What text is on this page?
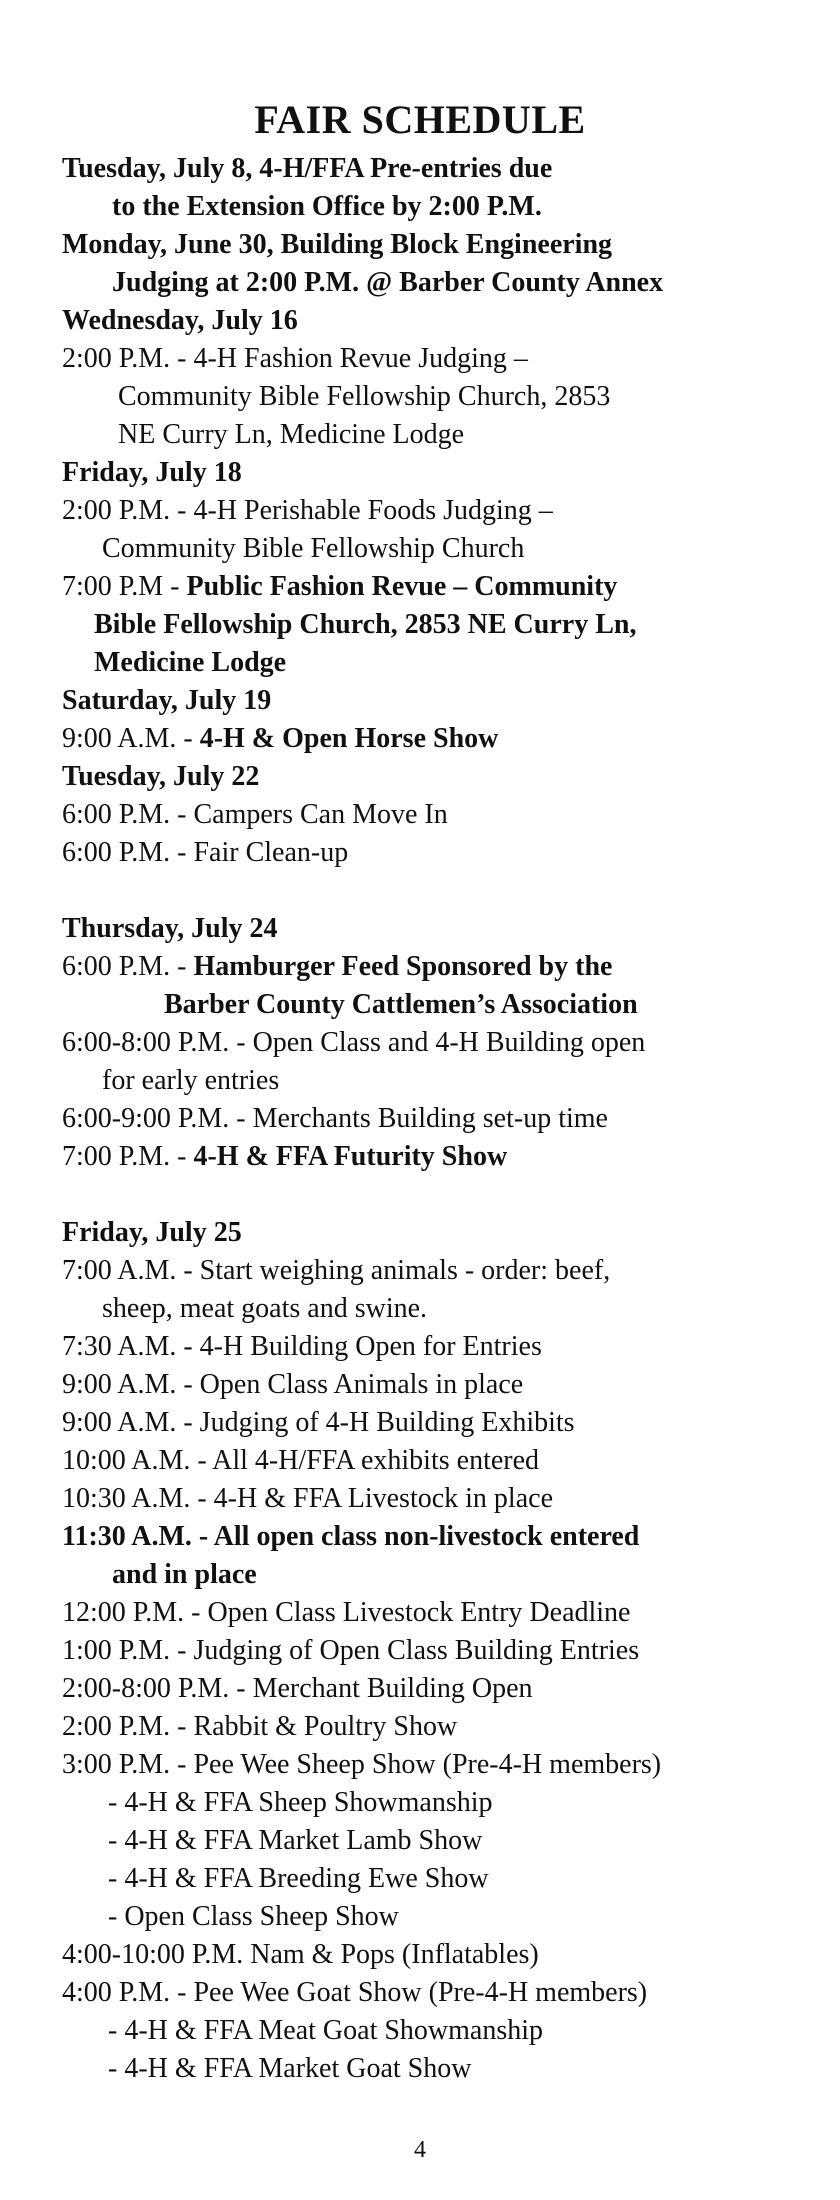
FAIR SCHEDULE

Tuesday, July 8, 4-H/FFA Pre-entries due

to the Extension Office by 2:00 P.M.

Monday, June 30, Building Block Engineering

Judging at 2:00 P.M. @ Barber County Annex

Wednesday, July 16

2:00 P.M. - 4-H Fashion Revue Judging –

Community Bible Fellowship Church, 2853

NE Curry Ln, Medicine Lodge

Friday, July 18

2:00 P.M. - 4-H Perishable Foods Judging –

Community Bible Fellowship Church

7:00 P.M - Public Fashion Revue – Community

Bible Fellowship Church, 2853 NE Curry Ln,

Medicine Lodge

Saturday, July 19

9:00 A.M. - 4-H & Open Horse Show

Tuesday, July 22

6:00 P.M. - Campers Can Move In

6:00 P.M. - Fair Clean-up

Thursday, July 24

6:00 P.M. - Hamburger Feed Sponsored by the

Barber County Cattlemen’s Association

6:00-8:00 P.M. - Open Class and 4-H Building open

for early entries

6:00-9:00 P.M. - Merchants Building set-up time

7:00 P.M. - 4-H & FFA Futurity Show

Friday, July 25

7:00 A.M. - Start weighing animals - order: beef,

sheep, meat goats and swine.

7:30 A.M. - 4-H Building Open for Entries

9:00 A.M. - Open Class Animals in place

9:00 A.M. - Judging of 4-H Building Exhibits

10:00 A.M. - All 4-H/FFA exhibits entered

10:30 A.M. - 4-H & FFA Livestock in place

11:30 A.M. - All open class non-livestock entered

and in place

12:00 P.M. - Open Class Livestock Entry Deadline

1:00 P.M. - Judging of Open Class Building Entries

2:00-8:00 P.M. - Merchant Building Open

2:00 P.M. - Rabbit & Poultry Show

3:00 P.M. - Pee Wee Sheep Show (Pre-4-H members)

- 4-H & FFA Sheep Showmanship

- 4-H & FFA Market Lamb Show

- 4-H & FFA Breeding Ewe Show

- Open Class Sheep Show

4:00-10:00 P.M. Nam & Pops (Inflatables)

4:00 P.M. - Pee Wee Goat Show (Pre-4-H members)

- 4-H & FFA Meat Goat Showmanship

- 4-H & FFA Market Goat Show

4
